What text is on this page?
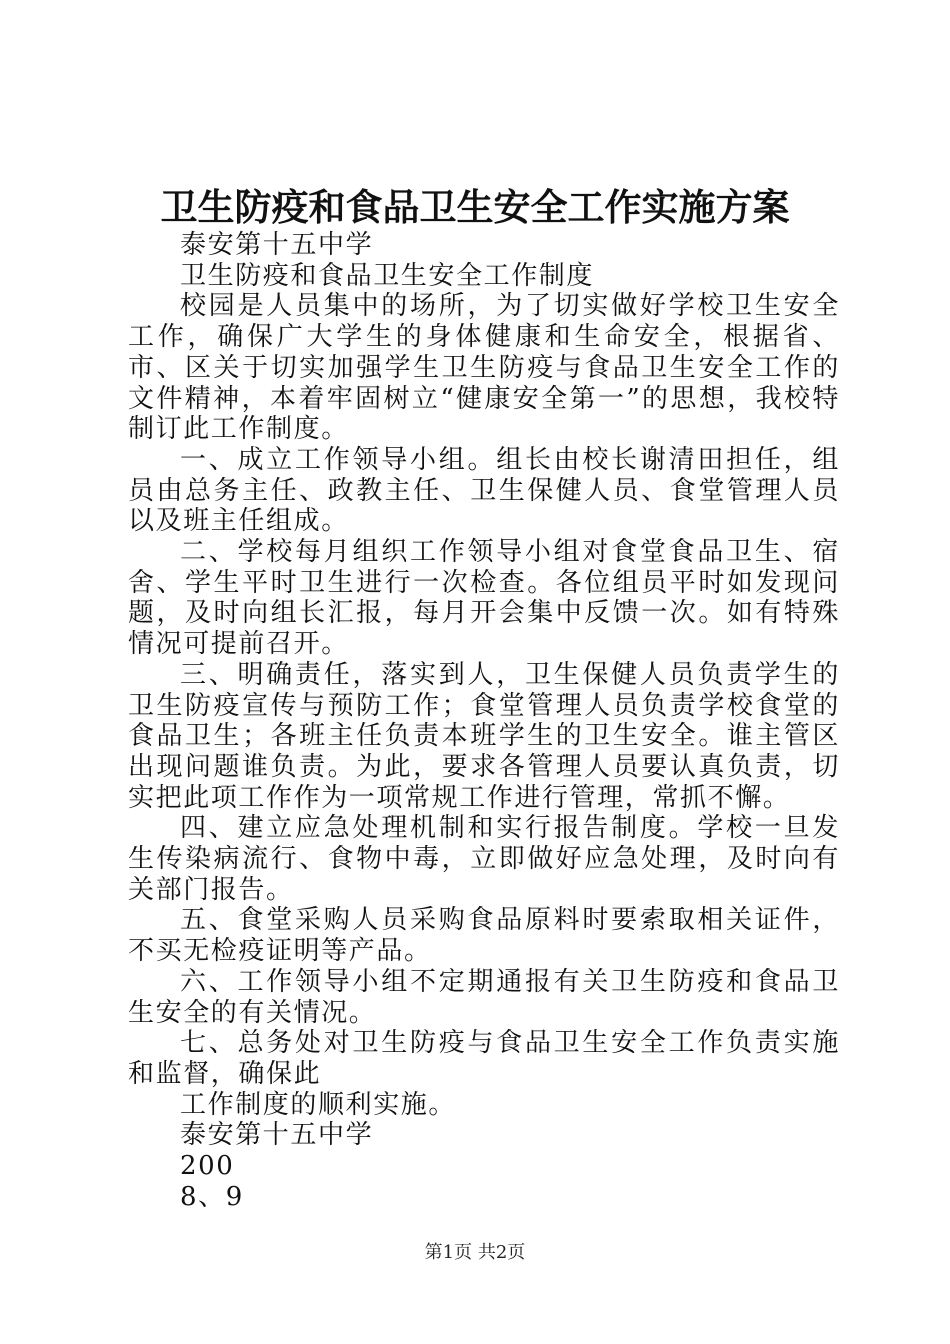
卫生防疫和食品卫生安全工作实施方案

泰安第十五中学

卫生防疫和食品卫生安全工作制度

校园是人员集中的场所，为了切实做好学校卫生安全工作，确保广大学生的身体健康和生命安全，根据省、市、区关于切实加强学生卫生防疫与食品卫生安全工作的文件精神，本着牢固树立“健康安全第一”的思想，我校特制订此工作制度。

一、成立工作领导小组。组长由校长谢清田担任，组员由总务主任、政教主任、卫生保健人员、食堂管理人员以及班主任组成。

二、学校每月组织工作领导小组对食堂食品卫生、宿舍、学生平时卫生进行一次检查。各位组员平时如发现问题，及时向组长汇报，每月开会集中反馈一次。如有特殊情况可提前召开。

三、明确责任，落实到人，卫生保健人员负责学生的卫生防疫宣传与预防工作；食堂管理人员负责学校食堂的食品卫生；各班主任负责本班学生的卫生安全。谁主管区出现问题谁负责。为此，要求各管理人员要认真负责，切实把此项工作作为一项常规工作进行管理，常抓不懈。

四、建立应急处理机制和实行报告制度。学校一旦发生传染病流行、食物中毒，立即做好应急处理，及时向有关部门报告。

五、食堂采购人员采购食品原料时要索取相关证件，不买无检疫证明等产品。

六、工作领导小组不定期通报有关卫生防疫和食品卫生安全的有关情况。

七、总务处对卫生防疫与食品卫生安全工作负责实施和监督，确保此

工作制度的顺利实施。

泰安第十五中学

200

8、9

第1页 共2页
